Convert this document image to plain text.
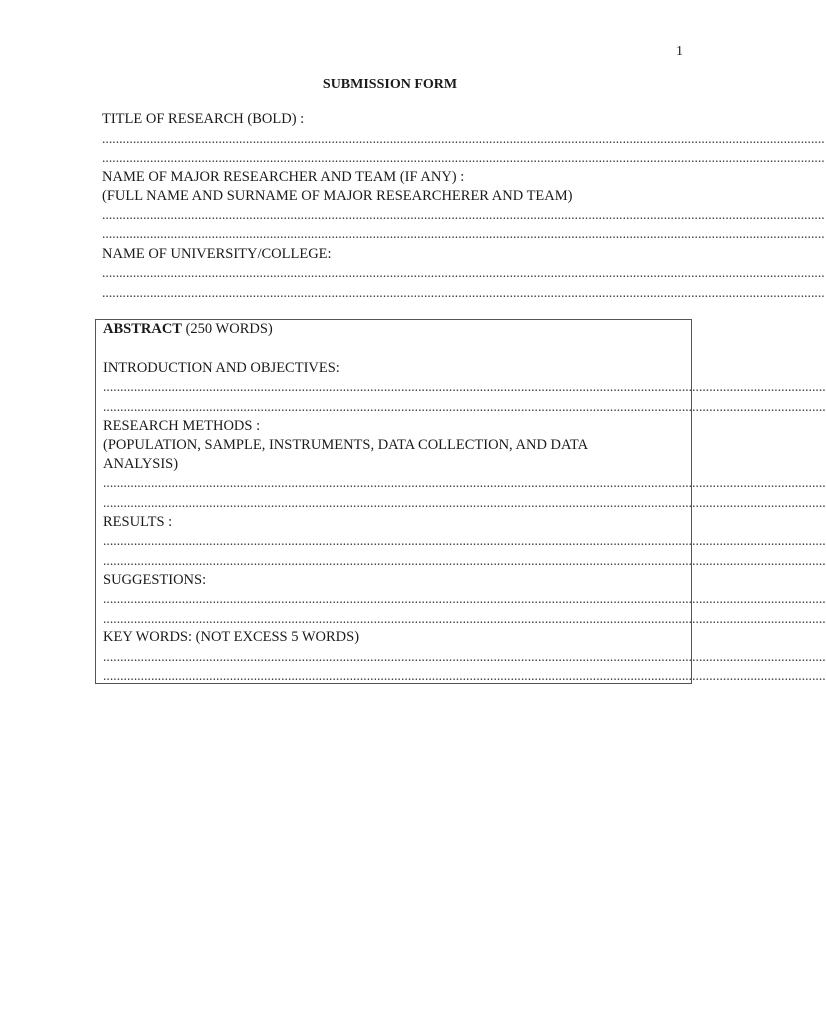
1
SUBMISSION FORM
TITLE OF RESEARCH (BOLD) :
...................................................................................................................................................................................................................
...................................................................................................................................................................................................................
NAME OF MAJOR RESEARCHER AND TEAM (IF ANY) :
(FULL NAME AND SURNAME OF MAJOR RESEARCHERER AND TEAM)
...................................................................................................................................................................................................................
...................................................................................................................................................................................................................
NAME OF UNIVERSITY/COLLEGE:
...................................................................................................................................................................................................................
...................................................................................................................................................................................................................
ABSTRACT (250 WORDS)
INTRODUCTION AND OBJECTIVES:
...................................................................................................................................................................................................................
...................................................................................................................................................................................................................
RESEARCH METHODS :
(POPULATION, SAMPLE, INSTRUMENTS, DATA COLLECTION, AND DATA
ANALYSIS)
...................................................................................................................................................................................................................
...................................................................................................................................................................................................................
RESULTS :
...................................................................................................................................................................................................................
...................................................................................................................................................................................................................
SUGGESTIONS:
...................................................................................................................................................................................................................
...................................................................................................................................................................................................................
KEY WORDS: (NOT EXCESS 5 WORDS)
...................................................................................................................................................................................................................
...................................................................................................................................................................................................................
